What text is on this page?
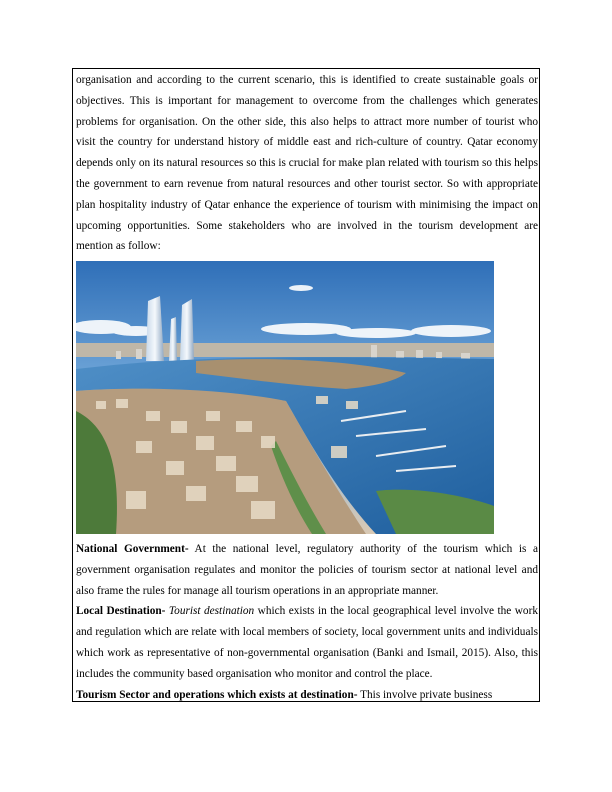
organisation and according to the current scenario, this is identified to create sustainable goals or objectives. This is important for management to overcome from the challenges which generates problems for organisation. On the other side, this also helps to attract more number of tourist who visit the country for understand history of middle east and rich-culture of country. Qatar economy depends only on its natural resources so this is crucial for make plan related with tourism so this helps the government to earn revenue from natural resources and other tourist sector. So with appropriate plan hospitality industry of Qatar enhance the experience of tourism with minimising the impact on upcoming opportunities. Some stakeholders who are involved in the tourism development are mention as follow:

National Government- At the national level, regulatory authority of the tourism which is a government organisation regulates and monitor the policies of tourism sector at national level and also frame the rules for manage all tourism operations in an appropriate manner.

Local Destination- Tourist destination which exists in the local geographical level involve the work and regulation which are relate with local members of society, local government units and individuals which work as representative of non-governmental organisation (Banki and Ismail, 2015). Also, this includes the community based organisation who monitor and control the place.

Tourism Sector and operations which exists at destination- This involve private business
